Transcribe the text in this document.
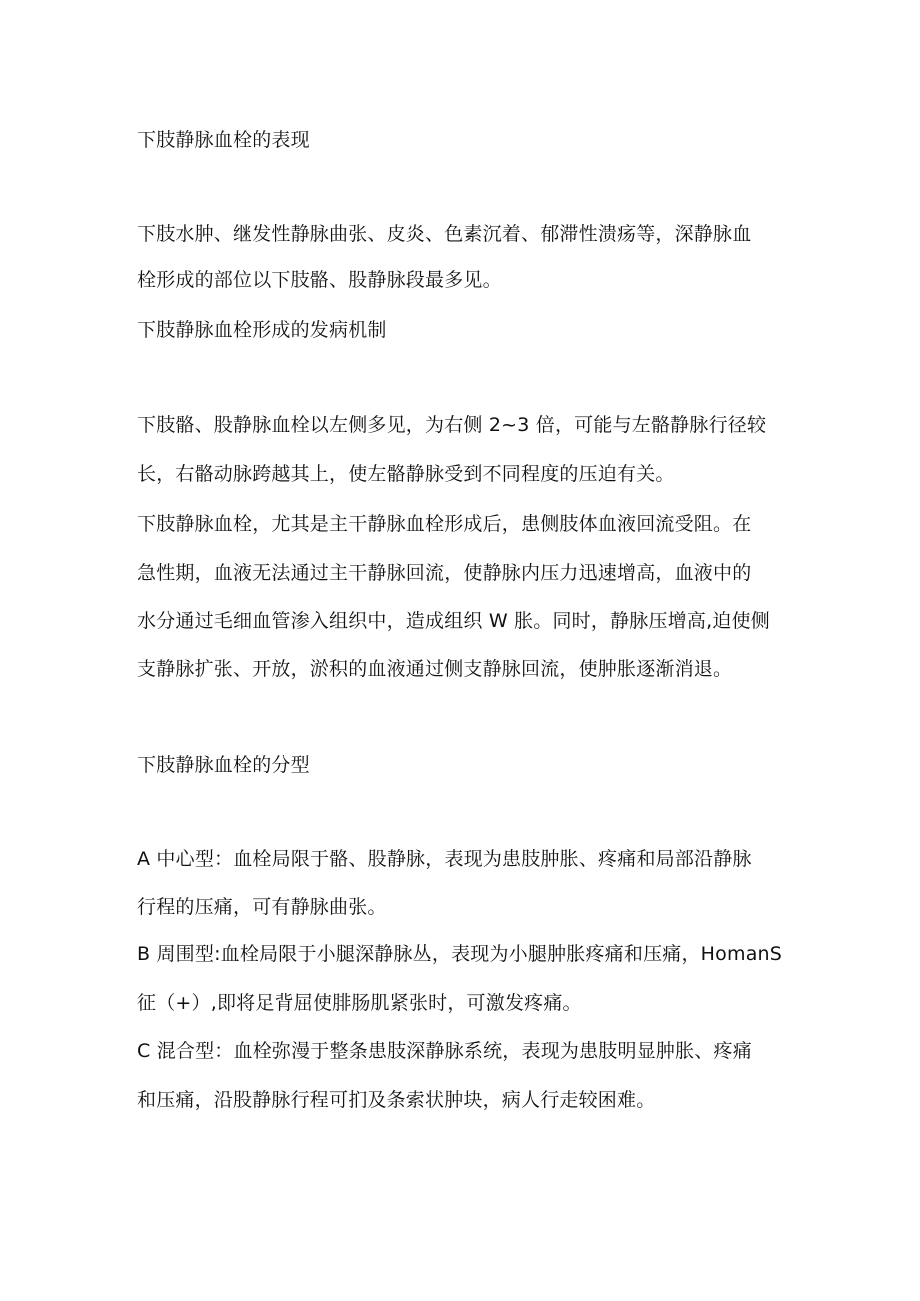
下肢静脉血栓的表现
下肢水肿、继发性静脉曲张、皮炎、色素沉着、郁滞性溃疡等，深静脉血
栓形成的部位以下肢骼、股静脉段最多见。
下肢静脉血栓形成的发病机制
下肢骼、股静脉血栓以左侧多见，为右侧 2~3 倍，可能与左骼静脉行径较
长，右骼动脉跨越其上，使左骼静脉受到不同程度的压迫有关。
下肢静脉血栓，尤其是主干静脉血栓形成后，患侧肢体血液回流受阻。在
急性期，血液无法通过主干静脉回流，使静脉内压力迅速增高，血液中的
水分通过毛细血管渗入组织中，造成组织 W 胀。同时，静脉压增高,迫使侧
支静脉扩张、开放，淤积的血液通过侧支静脉回流，使肿胀逐渐消退。
下肢静脉血栓的分型
A 中心型：血栓局限于骼、股静脉，表现为患肢肿胀、疼痛和局部沿静脉
行程的压痛，可有静脉曲张。
B 周围型:血栓局限于小腿深静脉丛，表现为小腿肿胀疼痛和压痛，HomanS
征（+）,即将足背屈使腓肠肌紧张时，可激发疼痛。
C 混合型：血栓弥漫于整条患肢深静脉系统，表现为患肢明显肿胀、疼痛
和压痛，沿股静脉行程可扪及条索状肿块，病人行走较困难。
